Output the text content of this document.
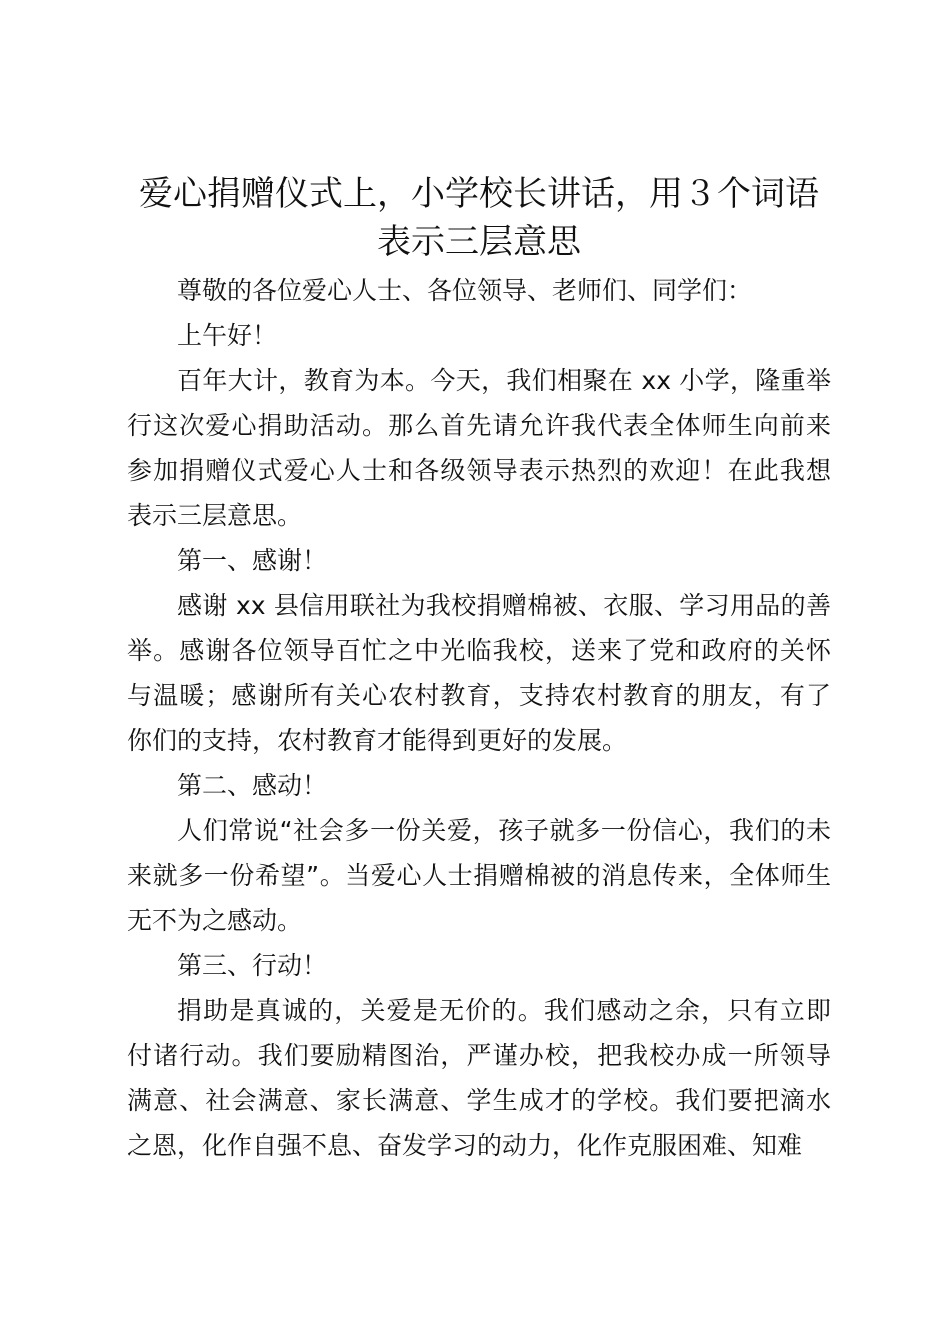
爱心捐赠仪式上，小学校长讲话，用３个词语
表示三层意思

尊敬的各位爱心人士、各位领导、老师们、同学们：

上午好！

百年大计，教育为本。今天，我们相聚在 xx 小学，隆重举
行这次爱心捐助活动。那么首先请允许我代表全体师生向前来
参加捐赠仪式爱心人士和各级领导表示热烈的欢迎！在此我想
表示三层意思。

第一、感谢！

感谢 xx 县信用联社为我校捐赠棉被、衣服、学习用品的善
举。感谢各位领导百忙之中光临我校，送来了党和政府的关怀
与温暖；感谢所有关心农村教育，支持农村教育的朋友，有了
你们的支持，农村教育才能得到更好的发展。

第二、感动！

人们常说“社会多一份关爱，孩子就多一份信心，我们的未
来就多一份希望”。当爱心人士捐赠棉被的消息传来，全体师生
无不为之感动。

第三、行动！

捐助是真诚的，关爱是无价的。我们感动之余，只有立即
付诸行动。我们要励精图治，严谨办校，把我校办成一所领导
满意、社会满意、家长满意、学生成才的学校。我们要把滴水
之恩，化作自强不息、奋发学习的动力，化作克服困难、知难
